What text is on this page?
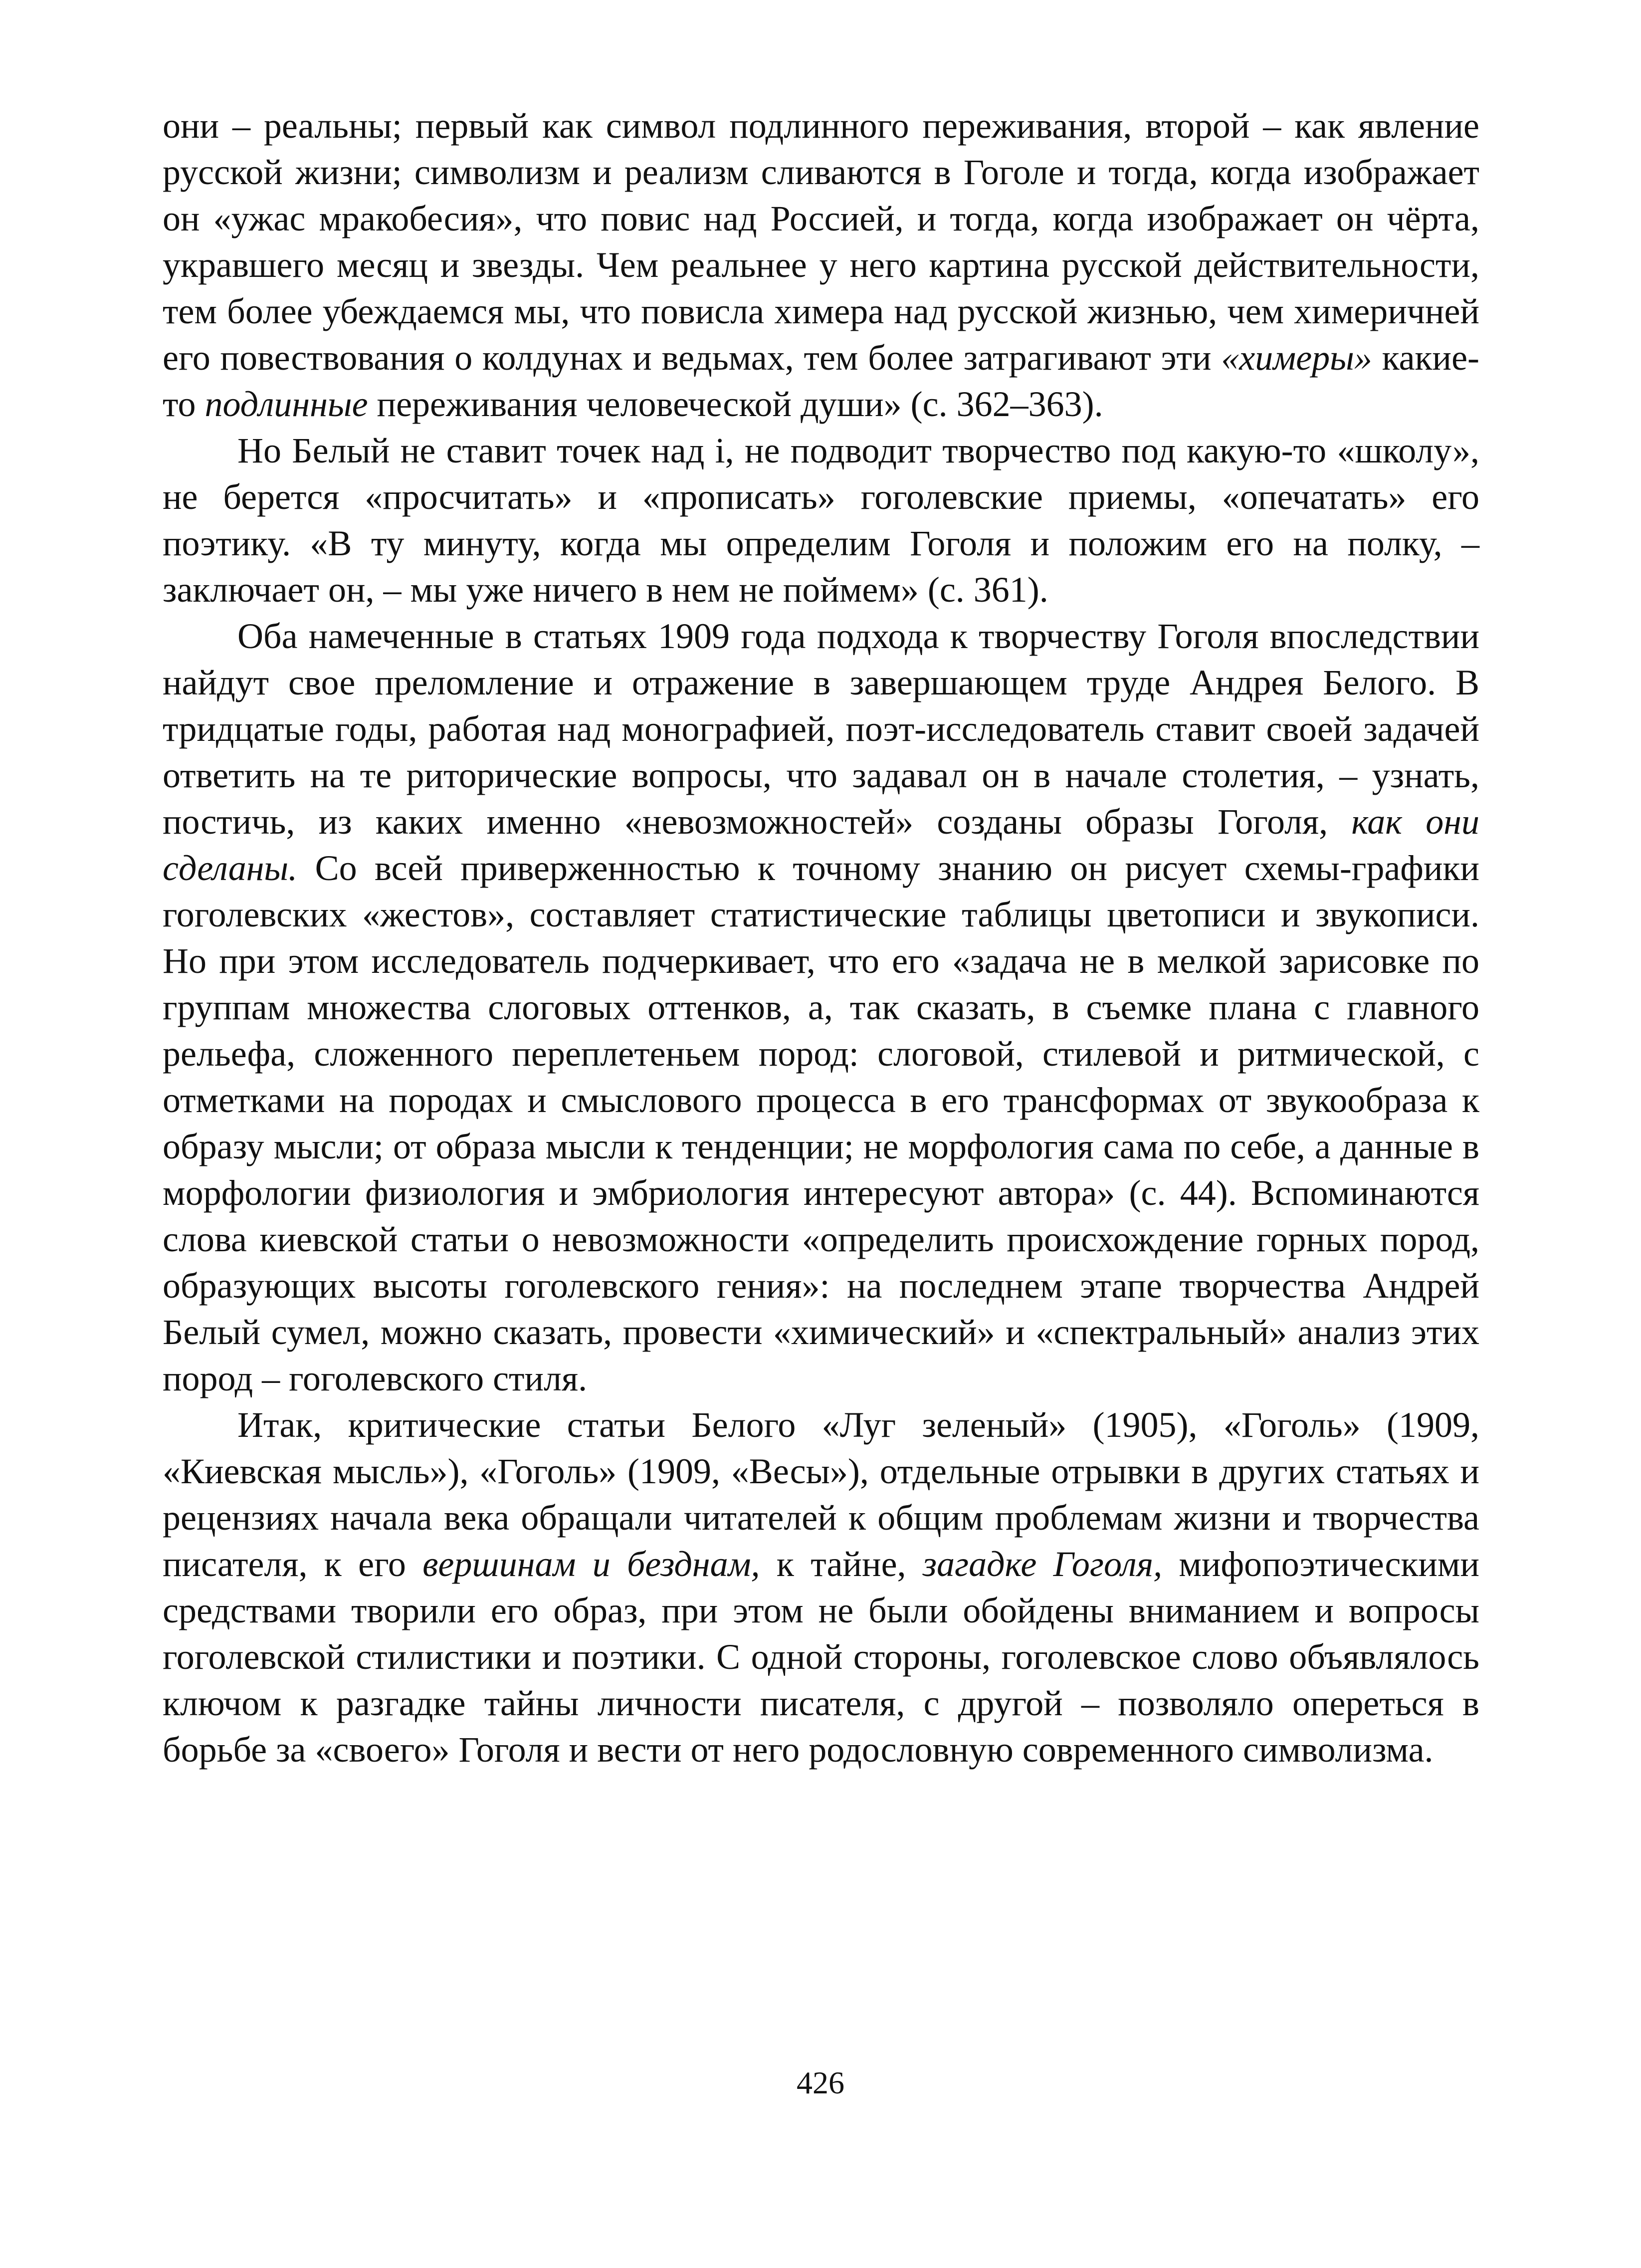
они – реальны; первый как символ подлинного переживания, второй – как явление русской жизни; символизм и реализм сливаются в Гоголе и тогда, когда изображает он «ужас мракобесия», что повис над Россией, и тогда, когда изображает он чёрта, укравшего месяц и звезды. Чем реальнее у него картина русской действительности, тем более убеждаемся мы, что повисла химера над русской жизнью, чем химеричней его повествования о колдунах и ведьмах, тем более затрагивают эти «химеры» какие-то подлинные переживания человеческой души» (с. 362–363).

Но Белый не ставит точек над i, не подводит творчество под какую-то «школу», не берется «просчитать» и «прописать» гоголевские приемы, «опечатать» его поэтику. «В ту минуту, когда мы определим Гоголя и положим его на полку, – заключает он, – мы уже ничего в нем не поймем» (с. 361).

Оба намеченные в статьях 1909 года подхода к творчеству Гоголя впоследствии найдут свое преломление и отражение в завершающем труде Андрея Белого. В тридцатые годы, работая над монографией, поэт-исследователь ставит своей задачей ответить на те риторические вопросы, что задавал он в начале столетия, – узнать, постичь, из каких именно «невозможностей» созданы образы Гоголя, как они сделаны. Со всей приверженностью к точному знанию он рисует схемы-графики гоголевских «жестов», составляет статистические таблицы цветописи и звукописи. Но при этом исследователь подчеркивает, что его «задача не в мелкой зарисовке по группам множества слоговых оттенков, а, так сказать, в съемке плана с главного рельефа, сложенного переплетеньем пород: слоговой, стилевой и ритмической, с отметками на породах и смыслового процесса в его трансформах от звукообраза к образу мысли; от образа мысли к тенденции; не морфология сама по себе, а данные в морфологии физиология и эмбриология интересуют автора» (с. 44). Вспоминаются слова киевской статьи о невозможности «определить происхождение горных пород, образующих высоты гоголевского гения»: на последнем этапе творчества Андрей Белый сумел, можно сказать, провести «химический» и «спектральный» анализ этих пород – гоголевского стиля.

Итак, критические статьи Белого «Луг зеленый» (1905), «Гоголь» (1909, «Киевская мысль»), «Гоголь» (1909, «Весы»), отдельные отрывки в других статьях и рецензиях начала века обращали читателей к общим проблемам жизни и творчества писателя, к его вершинам и безднам, к тайне, загадке Гоголя, мифопоэтическими средствами творили его образ, при этом не были обойдены вниманием и вопросы гоголевской стилистики и поэтики. С одной стороны, гоголевское слово объявлялось ключом к разгадке тайны личности писателя, с другой – позволяло опереться в борьбе за «своего» Гоголя и вести от него родословную современного символизма.

426
